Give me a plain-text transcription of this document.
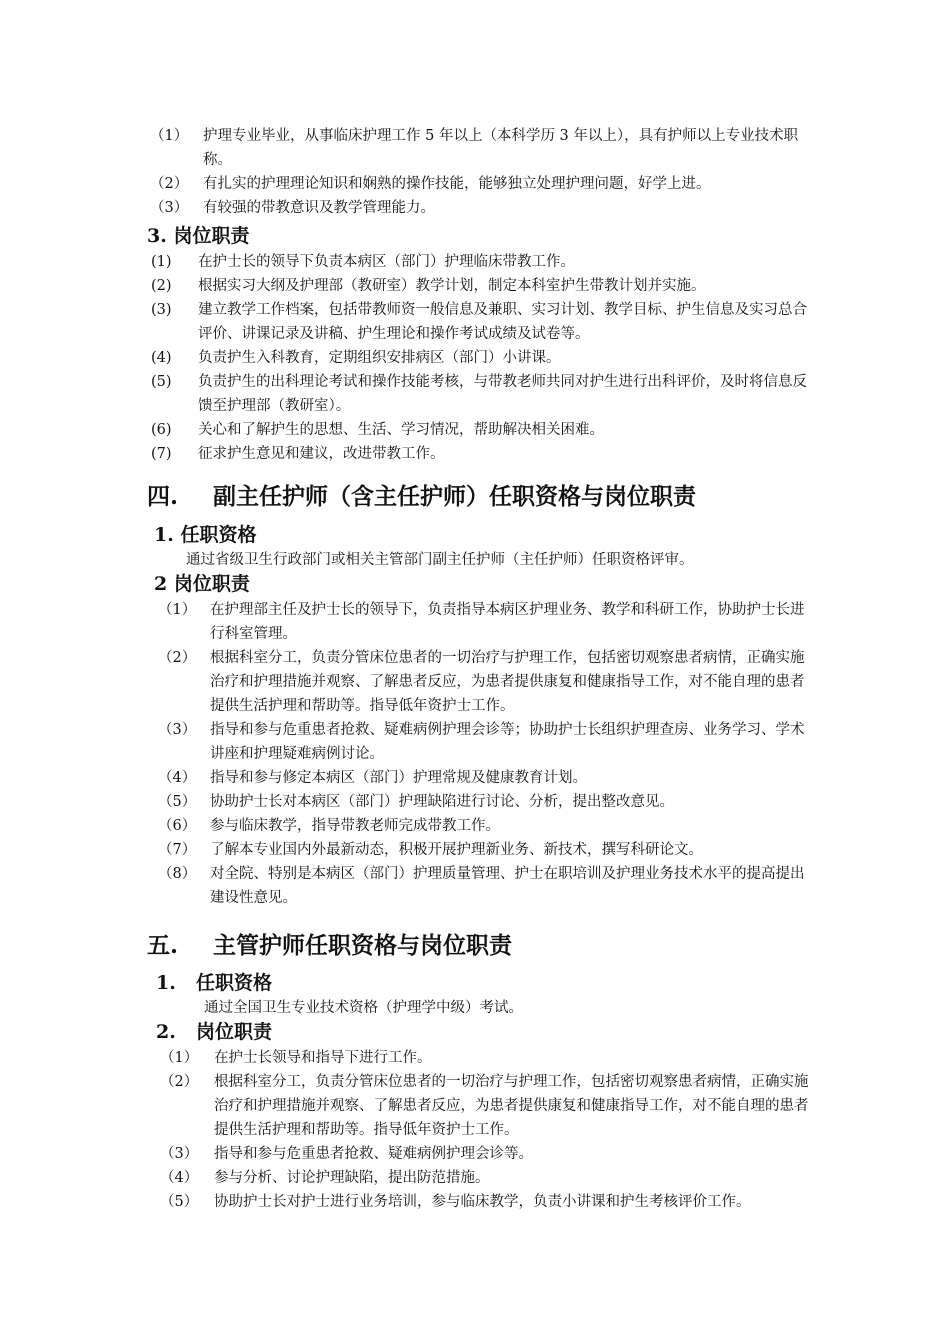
（1） 护理专业毕业，从事临床护理工作 5 年以上（本科学历 3 年以上），具有护师以上专业技术职称。
（2） 有扎实的护理理论知识和娴熟的操作技能，能够独立处理护理问题，好学上进。
（3） 有较强的带教意识及教学管理能力。
3. 岗位职责
(1) 在护士长的领导下负责本病区（部门）护理临床带教工作。
(2) 根据实习大纲及护理部（教研室）教学计划，制定本科室护生带教计划并实施。
(3) 建立教学工作档案，包括带教师资一般信息及兼职、实习计划、教学目标、护生信息及实习总合评价、讲课记录及讲稿、护生理论和操作考试成绩及试卷等。
(4) 负责护生入科教育，定期组织安排病区（部门）小讲课。
(5) 负责护生的出科理论考试和操作技能考核，与带教老师共同对护生进行出科评价，及时将信息反馈至护理部（教研室）。
(6) 关心和了解护生的思想、生活、学习情况，帮助解决相关困难。
(7) 征求护生意见和建议，改进带教工作。
四. 副主任护师（含主任护师）任职资格与岗位职责
1. 任职资格
通过省级卫生行政部门或相关主管部门副主任护师（主任护师）任职资格评审。
2 岗位职责
（1） 在护理部主任及护士长的领导下，负责指导本病区护理业务、教学和科研工作，协助护士长进行科室管理。
（2） 根据科室分工，负责分管床位患者的一切治疗与护理工作，包括密切观察患者病情，正确实施治疗和护理措施并观察、了解患者反应，为患者提供康复和健康指导工作，对不能自理的患者提供生活护理和帮助等。指导低年资护士工作。
（3） 指导和参与危重患者抢救、疑难病例护理会诊等；协助护士长组织护理查房、业务学习、学术讲座和护理疑难病例讨论。
（4） 指导和参与修定本病区（部门）护理常规及健康教育计划。
（5） 协助护士长对本病区（部门）护理缺陷进行讨论、分析，提出整改意见。
（6） 参与临床教学，指导带教老师完成带教工作。
（7） 了解本专业国内外最新动态，积极开展护理新业务、新技术，撰写科研论文。
（8） 对全院、特别是本病区（部门）护理质量管理、护士在职培训及护理业务技术水平的提高提出建设性意见。
五. 主管护师任职资格与岗位职责
1. 任职资格
通过全国卫生专业技术资格（护理学中级）考试。
2. 岗位职责
（1） 在护士长领导和指导下进行工作。
（2） 根据科室分工，负责分管床位患者的一切治疗与护理工作，包括密切观察患者病情，正确实施治疗和护理措施并观察、了解患者反应，为患者提供康复和健康指导工作，对不能自理的患者提供生活护理和帮助等。指导低年资护士工作。
（3） 指导和参与危重患者抢救、疑难病例护理会诊等。
（4） 参与分析、讨论护理缺陷，提出防范措施。
（5） 协助护士长对护士进行业务培训，参与临床教学，负责小讲课和护生考核评价工作。
